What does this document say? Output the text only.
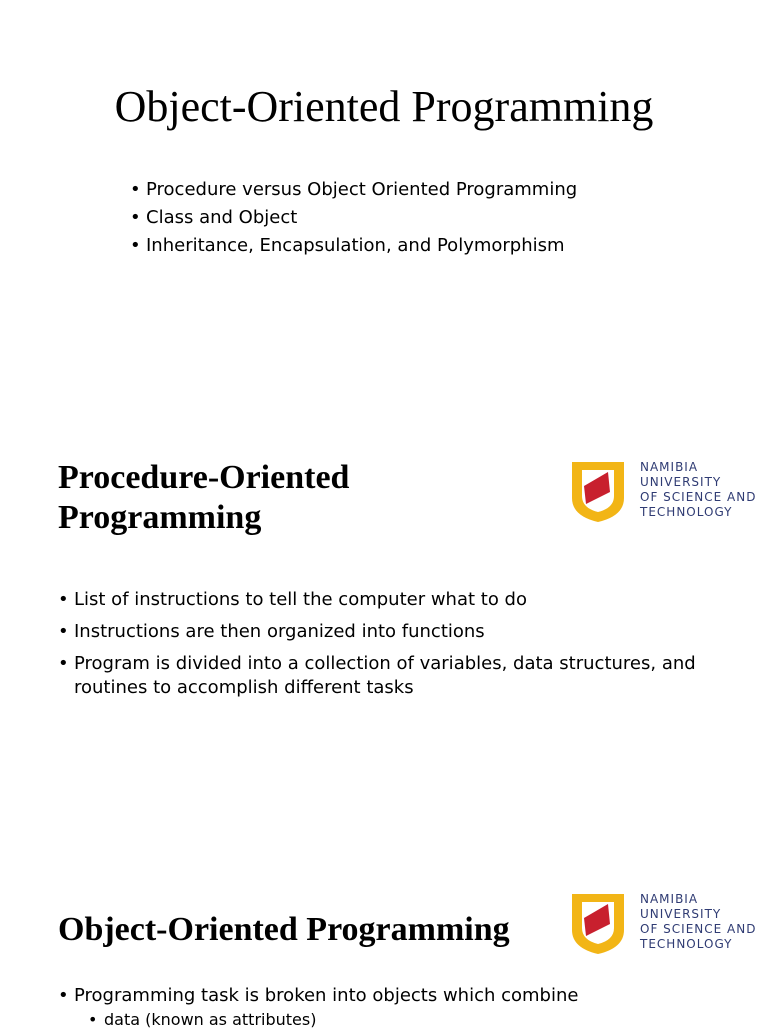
Object-Oriented Programming
• Procedure versus Object Oriented Programming
• Class and Object
• Inheritance, Encapsulation, and Polymorphism
Procedure-Oriented
Programming
NAMIBIA
UNIVERSITY
OF SCIENCE AND
TECHNOLOGY
• List of instructions to tell the computer what to do
• Instructions are then organized into functions
• Program is divided into a collection of variables, data structures, and routines to accomplish different tasks
Object-Oriented Programming
NAMIBIA
UNIVERSITY
OF SCIENCE AND
TECHNOLOGY
• Programming task is broken into objects which combine
• data (known as attributes)
